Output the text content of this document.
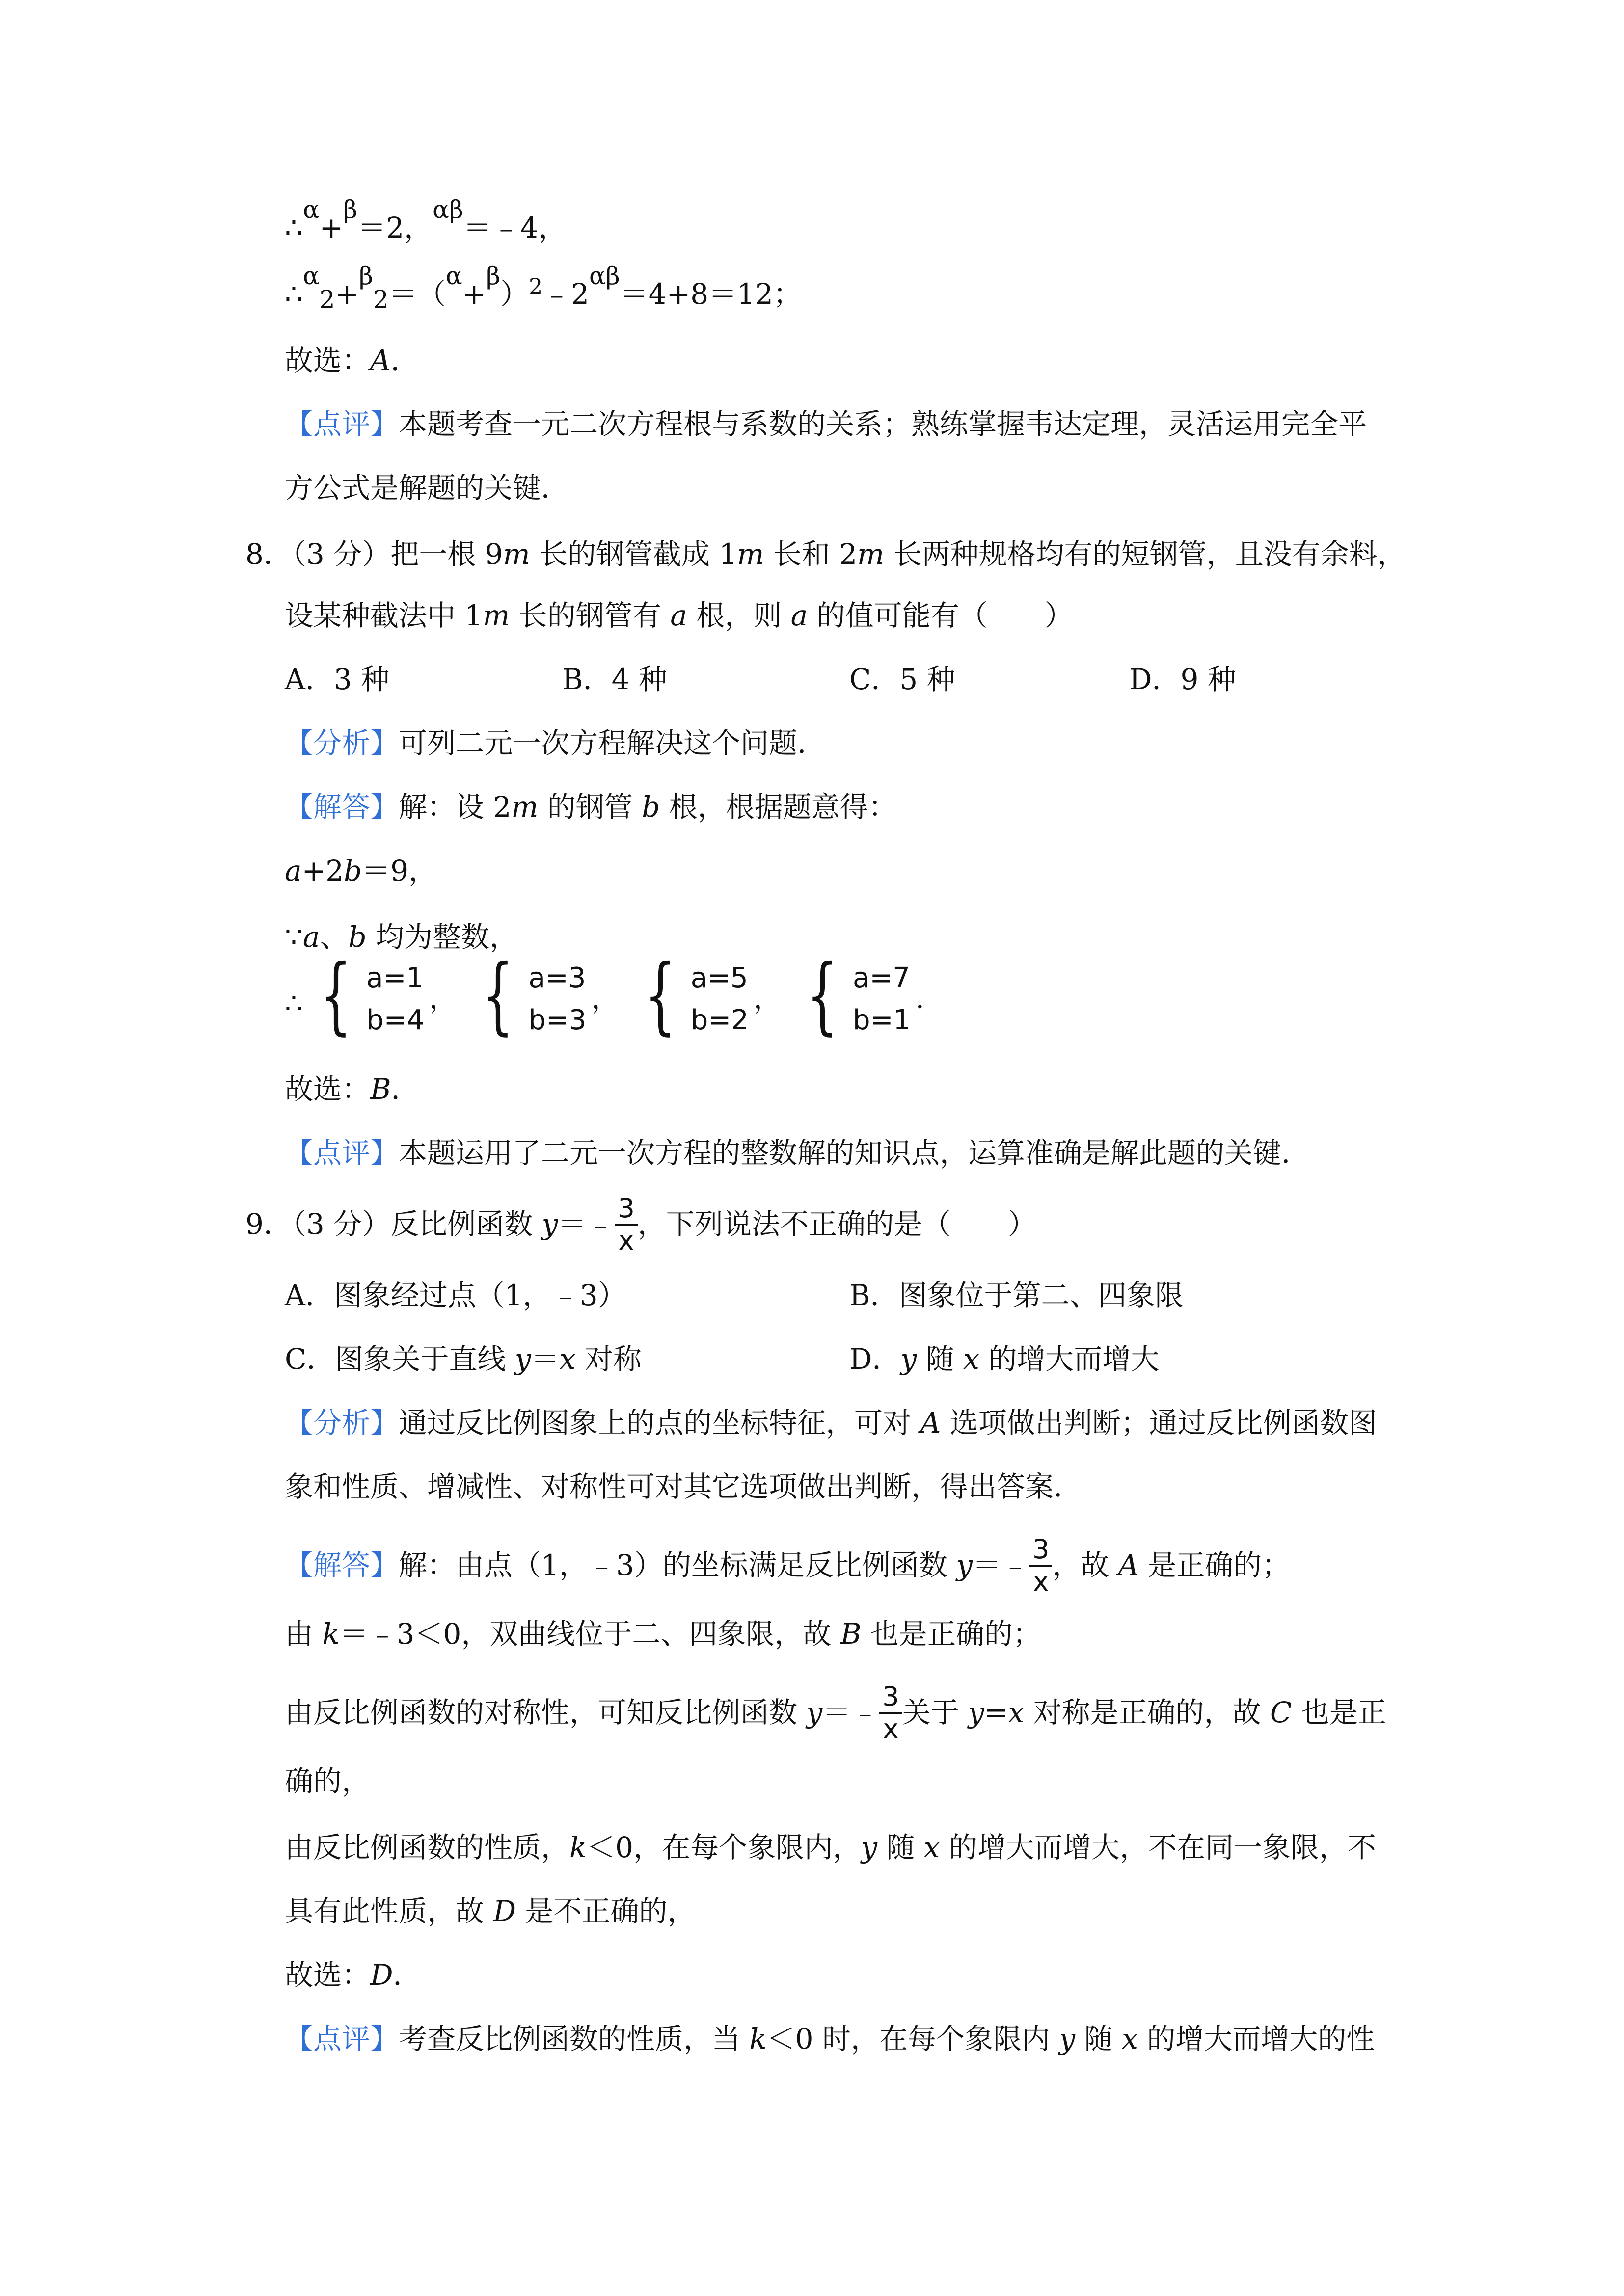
∴α+β＝2，αβ＝﹣4，
$\therefore\alpha 2+\beta 2=(\alpha+\beta)^2﹣2\alpha\beta=4+8=12$；
故选：A．
【点评】本题考查一元二次方程根与系数的关系；熟练掌握韦达定理，灵活运用完全平
方公式是解题的关键．
8．（3 分）把一根 9m 长的钢管截成 1m 长和 2m 长两种规格均有的短钢管，且没有余料，
设某种截法中 1m 长的钢管有 a 根，则 a 的值可能有（　　）
A．3 种	B．4 种	C．5 种	D．9 种
【分析】可列二元一次方程解决这个问题．
【解答】解：设 2m 的钢管 b 根，根据题意得：
a+2b＝9，
∵a、b 均为整数，
∴ { a=1
b=4
， { a=3
b=3
， { a=5
b=2
， { a=7
b=1
．
故选：B．
【点评】本题运用了二元一次方程的整数解的知识点，运算准确是解此题的关键．
9．（3 分）反比例函数 y＝﹣ $\frac{3}{x}$ ，下列说法不正确的是（　　）
A．图象经过点（1，﹣3）	B．图象位于第二、四象限
C．图象关于直线 y＝x 对称	D．y 随 x 的增大而增大
【分析】通过反比例图象上的点的坐标特征，可对 A 选项做出判断；通过反比例函数图
象和性质、增减性、对称性可对其它选项做出判断，得出答案．
【解答】解：由点（1，﹣3）的坐标满足反比例函数 y＝﹣ $\frac{3}{x}$ ，故 A 是正确的；
由 k＝﹣3＜0，双曲线位于二、四象限，故 B 也是正确的；
由反比例函数的对称性，可知反比例函数 y＝﹣ $\frac{3}{x}$ 关于 y=x 对称是正确的，故 C 也是正
确的，
由反比例函数的性质，k＜0，在每个象限内，y 随 x 的增大而增大，不在同一象限，不
具有此性质，故 D 是不正确的，
故选：D．
【点评】考查反比例函数的性质，当 k＜0 时，在每个象限内 y 随 x 的增大而增大的性
